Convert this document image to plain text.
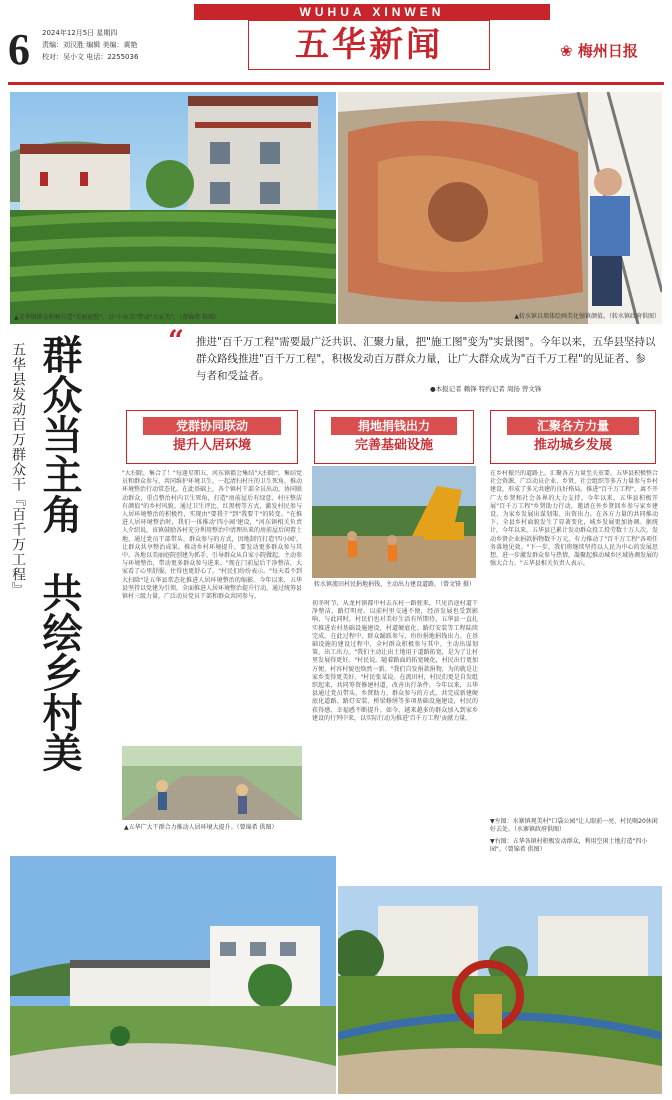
6 2024年12月5日 星期四
责编：刘汉胜 编辑 美编：黄艳
校对：吴小文 电话：2255036
WUHUA XINWEN
五华新闻	❀ 梅州日报
▲安华镇群众积极打造"美丽庭院"，以"小家美"带动"大家美"。（曾锦希 供图）	▲转水镇以墙体绘画美化强镇颜值。（转水镇政府供图）
群众当主角
共绘乡村美
五华县发动百万群众干『百千万工程』
“ 推进"百千万工程"需要最广泛共识、汇聚力量，把"施工图"变为"实景图"。今年以来，五华县坚持以群众路线推进"百千万工程"，积极发动百万群众力量，让广大群众成为"百千万工程"的见证者、参与者和受益者。
●本报记者 赖锋 特约记者 周扬 曾文锋
党群协同联动
提升人居环境
捐地捐钱出力
完善基础设施
汇聚各方力量
推动城乡发展
"大扫除，集合了！"每逢星期五，河东镇都会集结"大扫除"，集结党员和群众参与，共同维护环境卫生，一起清扫村庄的卫生死角，推动环境整治行动常态化。在此基础上，各个镇村干部全员出动，协同联动群众，重点整治村内卫生死角，打造"房前屋后有绿意、村庄整洁有颜值"的乡村风貌。通过卫生评比、红黑榜等方式，激发村民参与人居环境整治的积极性，实现由"要我干"到"我要干"的转变。"在推进人居环境整治时，我们一体推动'四小园'建设，"河东镇相关负责人介绍说，该镇鼓励各村充分利用整治中清理出来的房前屋后闲置土地，通过党员干部带头、群众参与的方式，因地制宜打造'四小园'，让群众共享整治成果。推动乡村环境提升，要发动更多群众参与其中。各地以美丽庭院创建为抓手，引导群众从自家小院做起，主动参与环境整治，带动更多群众参与进来。"现在门前屋后干净整洁，大家看了心里舒服，住得也更舒心了。"村民们纷纷表示。"每天看不到大扫除"是五华县常态化推进人居环境整治的缩影。今年以来，五华县坚持以党建为引领，全面推进人居环境整治提升行动，通过统筹县镇村三级力量，广泛动员党员干部和群众共同参与。
▲五华广大干群合力推动人居环境大提升。（曾锦希 供图）
转水镇流田村民捐地捐钱、主动出力建设道路。（曾文锋 摄）
初冬时节，从龙村镇都中村去东村一路驶来，只见沿途村道干净整洁，路灯明亮。以前村里交通不便，经济发展也受到影响，与此同时，村民们也对美好生活有所期待。五华县一直扎实推进农村基础设施建设，村道硬底化、路灯安装等工程陆续完成。在此过程中，群众踊跃参与，纷纷捐地捐钱出力。在基础设施的建设过程中，全村群众积极参与其中，主动出谋划策、出工出力。"我们主动让出土地用于道路拓宽，是为了让村里发展得更好。"村民说。随着路面的拓宽硬化，村民出行更加方便，村容村貌也焕然一新。"我们自发捐款捐物，为的就是让家乡变得更美好。"村民张某说。在流田村，村民们更是自发组织起来，共同筹资修建村道，改善出行条件。今年以来，五华县通过党员带头、乡贤助力、群众参与的方式，共完成新建硬底化道路、路灯安装、桥梁修缮等多项基础设施建设，村民的获得感、幸福感不断提升。如今，越来越多的群众加入到家乡建设的行列中来，以实际行动为推进'百千万工程'贡献力量。
在乡村振兴的道路上，汇聚各方力量至关重要。五华县积极整合社会资源，广泛动员企业、乡贤、社会组织等多方力量参与乡村建设，形成了多元共建的良好格局。推进"百千万工程"，离不开广大乡贤和社会各界的大力支持。今年以来，五华县积极开展"百千万工程"乡贤助力行动，邀请在外乡贤回乡参与家乡建设，为家乡发展出谋划策、出资出力。在各方力量的共同推动下，全县乡村面貌发生了显著变化，城乡发展更加协调。据统计，今年以来，五华县已累计发动群众投工投劳数十万人次，发动乡贤企业捐款捐物数千万元，有力推动了"百千万工程"各项任务落地见效。"下一步，我们将继续坚持以人民为中心的发展思想，进一步激发群众参与热情，凝聚起推动城乡区域协调发展的强大合力。"五华县相关负责人表示。
▼左图：水寨镇观美村"口袋公园"让人眼前一亮，村民喝20休闲好去处。（水寨镇政府供图）
▼右图：五华各镇村积极发动群众，利用空闲土地打造"四小园"。（曾锦希 供图）
